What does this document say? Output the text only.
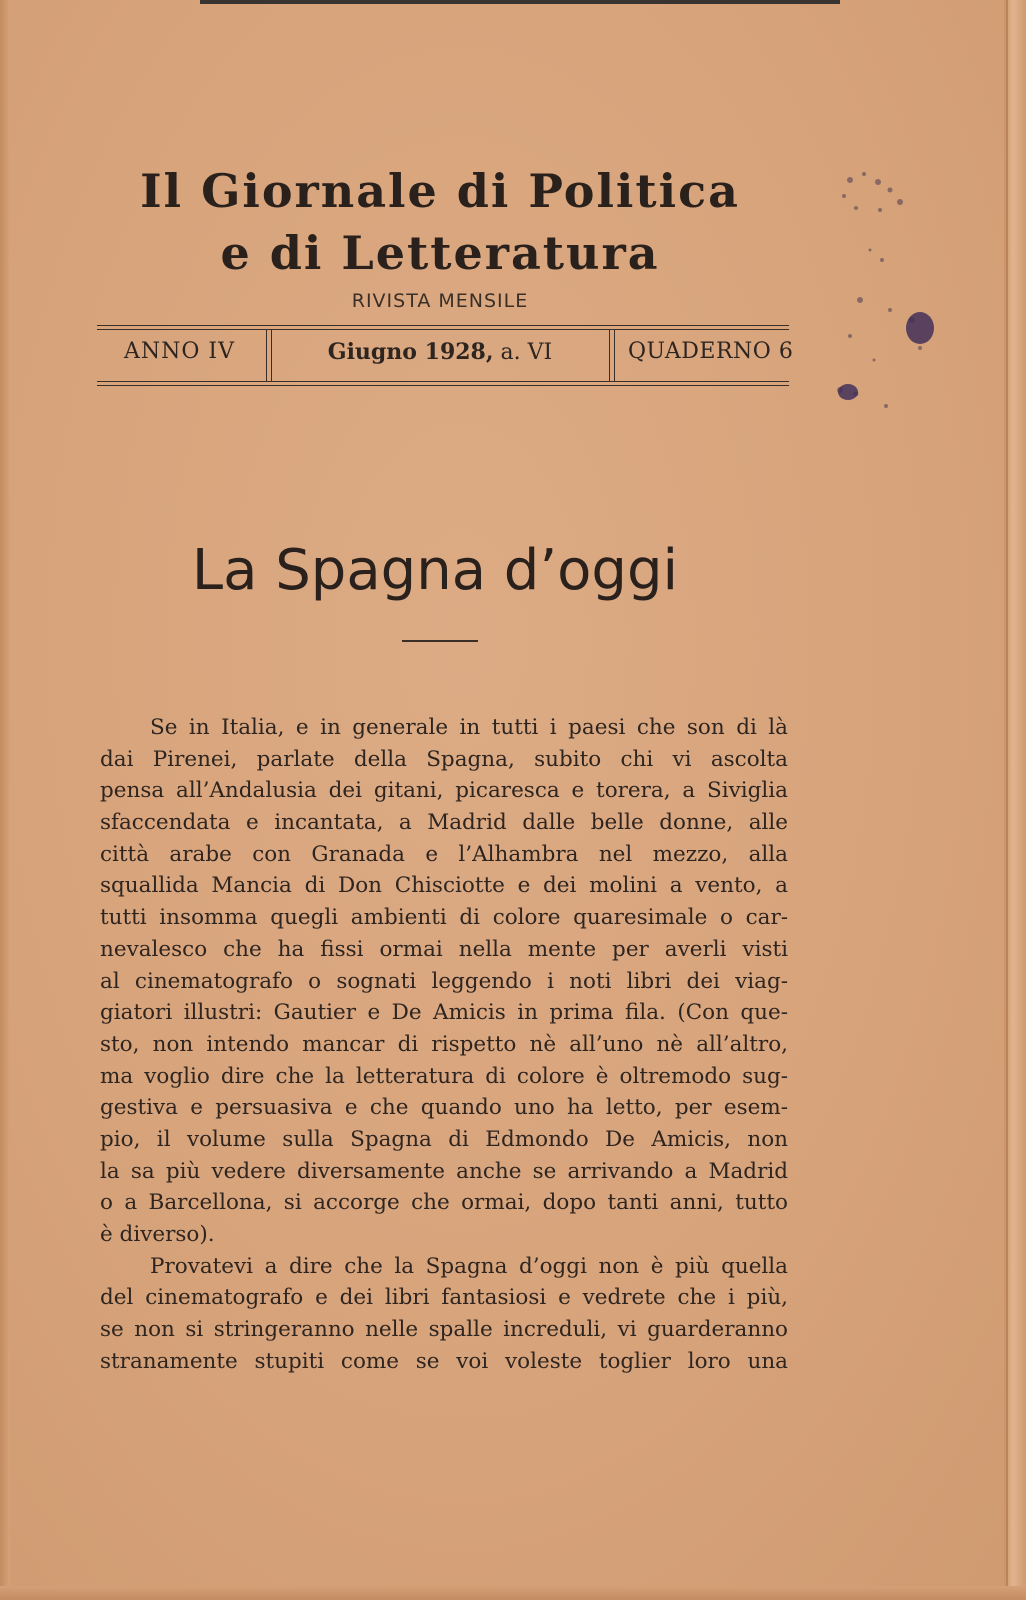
Il Giornale di Politica
e di Letteratura
RIVISTA MENSILE
ANNO IV	Giugno 1928, a. VI	QUADERNO 6
La Spagna d’oggi
Se in Italia, e in generale in tutti i paesi che son di là
dai Pirenei, parlate della Spagna, subito chi vi ascolta
pensa all’Andalusia dei gitani, picaresca e torera, a Siviglia
sfaccendata e incantata, a Madrid dalle belle donne, alle
città arabe con Granada e l’Alhambra nel mezzo, alla
squallida Mancia di Don Chisciotte e dei molini a vento, a
tutti insomma quegli ambienti di colore quaresimale o car-
nevalesco che ha fissi ormai nella mente per averli visti
al cinematografo o sognati leggendo i noti libri dei viag-
giatori illustri: Gautier e De Amicis in prima fila. (Con que-
sto, non intendo mancar di rispetto nè all’uno nè all’altro,
ma voglio dire che la letteratura di colore è oltremodo sug-
gestiva e persuasiva e che quando uno ha letto, per esem-
pio, il volume sulla Spagna di Edmondo De Amicis, non
la sa più vedere diversamente anche se arrivando a Madrid
o a Barcellona, si accorge che ormai, dopo tanti anni, tutto
è diverso).
Provatevi a dire che la Spagna d’oggi non è più quella
del cinematografo e dei libri fantasiosi e vedrete che i più,
se non si stringeranno nelle spalle increduli, vi guarderanno
stranamente stupiti come se voi voleste toglier loro una
